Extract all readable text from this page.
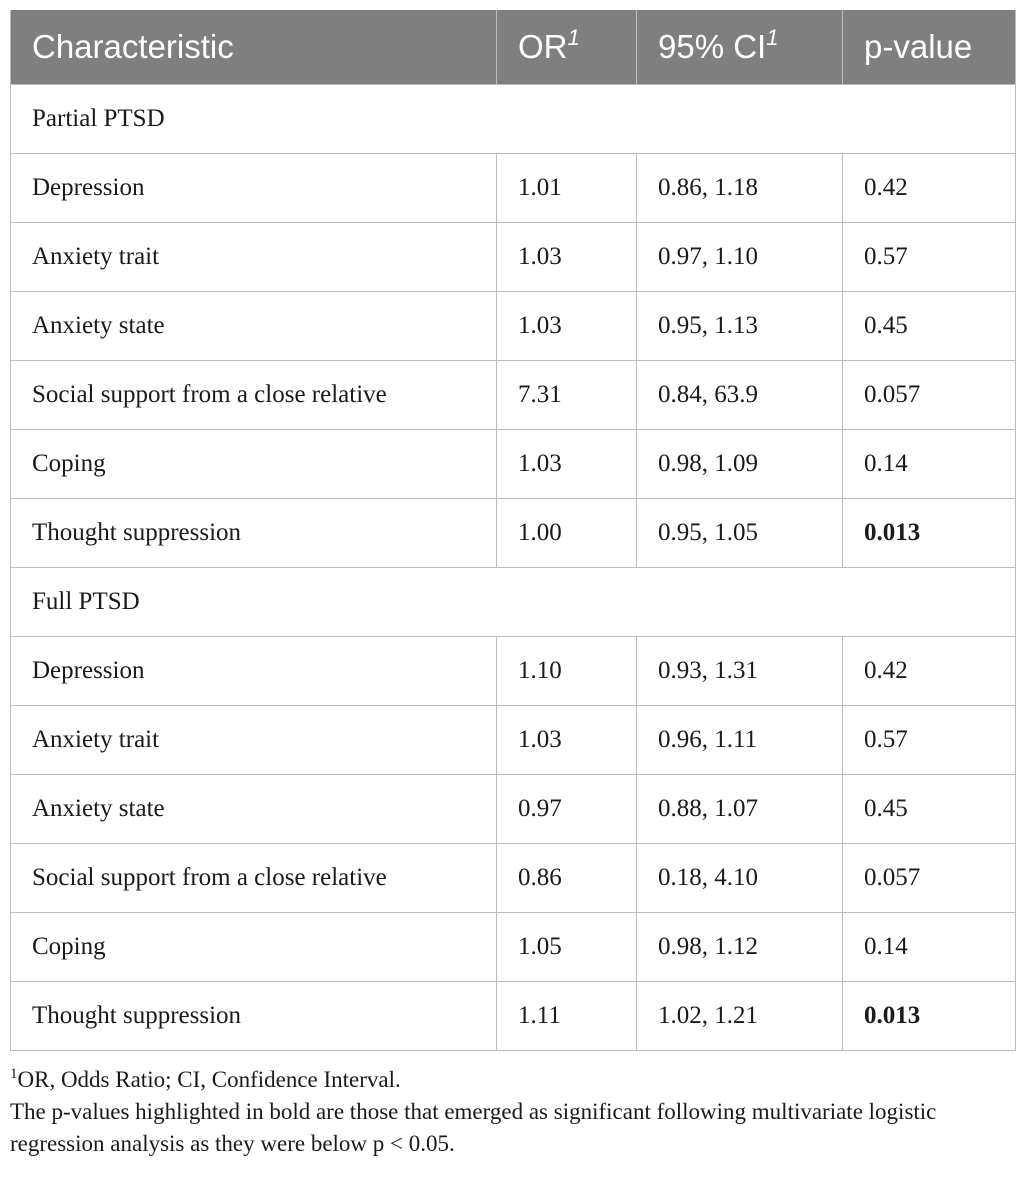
Characteristic	$OR^1$	95% $CI^1$	p-value
Partial PTSD			
Depression	1.01	0.86, 1.18	0.42
Anxiety trait	1.03	0.97, 1.10	0.57
Anxiety state	1.03	0.95, 1.13	0.45
Social support from a close relative	7.31	0.84, 63.9	0.057
Coping	1.03	0.98, 1.09	0.14
Thought suppression	1.00	0.95, 1.05	0.013
Full PTSD			
Depression	1.10	0.93, 1.31	0.42
Anxiety trait	1.03	0.96, 1.11	0.57
Anxiety state	0.97	0.88, 1.07	0.45
Social support from a close relative	0.86	0.18, 4.10	0.057
Coping	1.05	0.98, 1.12	0.14
Thought suppression	1.11	1.02, 1.21	0.013

$^1$OR, Odds Ratio; CI, Confidence Interval.

The p-values highlighted in bold are those that emerged as significant following multivariate logistic regression analysis as they were below p < 0.05.
